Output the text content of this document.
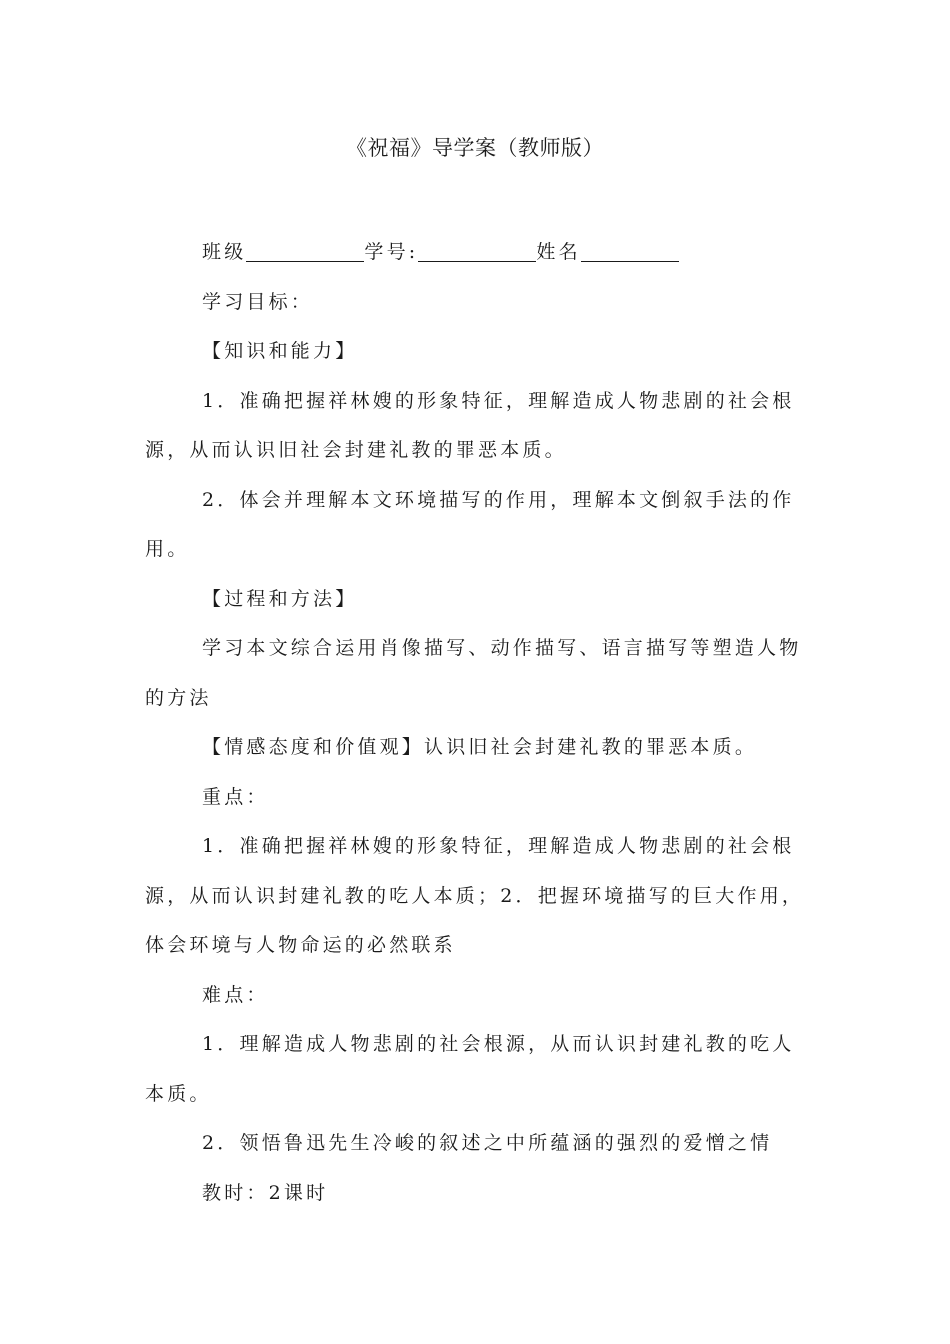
《祝福》导学案（教师版）

班级	学号:	姓名

学习目标：

【知识和能力】

1．准确把握祥林嫂的形象特征，理解造成人物悲剧的社会根源，从而认识旧社会封建礼教的罪恶本质。

2．体会并理解本文环境描写的作用，理解本文倒叙手法的作用。

【过程和方法】

学习本文综合运用肖像描写、动作描写、语言描写等塑造人物的方法

【情感态度和价值观】认识旧社会封建礼教的罪恶本质。

重点：

1．准确把握祥林嫂的形象特征，理解造成人物悲剧的社会根源，从而认识封建礼教的吃人本质；2．把握环境描写的巨大作用，体会环境与人物命运的必然联系

难点：

1．理解造成人物悲剧的社会根源，从而认识封建礼教的吃人本质。

2．领悟鲁迅先生冷峻的叙述之中所蕴涵的强烈的爱憎之情

教时：2课时
